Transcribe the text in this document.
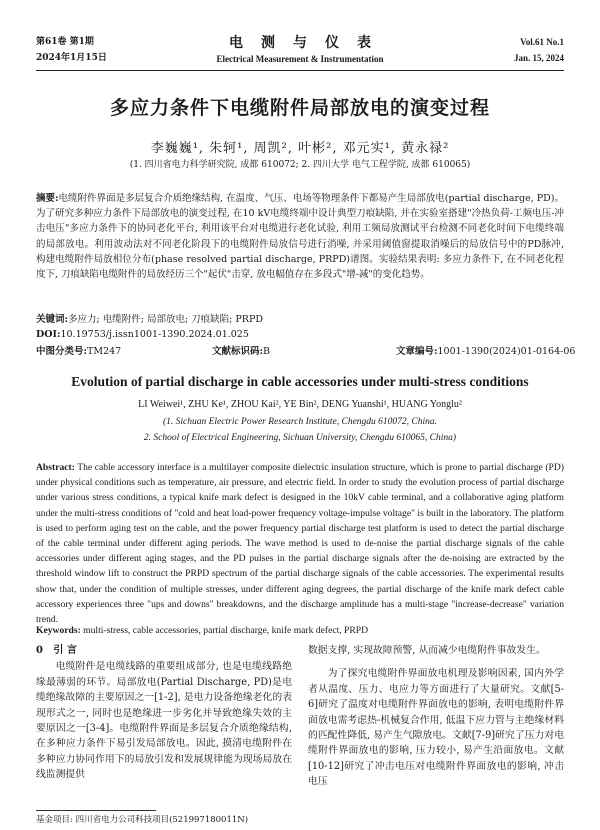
第61卷 第1期
2024年1月15日
电测与仪表
Electrical Measurement & Instrumentation
Vol.61 No.1
Jan. 15, 2024
多应力条件下电缆附件局部放电的演变过程
李巍巍¹, 朱轲¹, 周凯², 叶彬², 邓元实¹, 黄永禄²
(1. 四川省电力科学研究院, 成都 610072; 2. 四川大学 电气工程学院, 成都 610065)
摘要:电缆附件界面是多层复合介质绝缘结构, 在温度、气压、电场等物理条件下都易产生局部放电(partial discharge, PD)。为了研究多种应力条件下局部放电的演变过程, 在10 kV电缆终端中设计典型刀痕缺陷, 并在实验室搭建"冷热负荷-工频电压-冲击电压"多应力条件下的协同老化平台, 利用该平台对电缆进行老化试验, 利用工频局放测试平台检测不同老化时间下电缆终端的局部放电。利用波动法对不同老化阶段下的电缆附件局放信号进行消噪, 并采用阈值窗提取消噪后的局放信号中的PD脉冲, 构建电缆附件局放相位分布(phase resolved partial discharge, PRPD)谱图。实验结果表明: 多应力条件下, 在不同老化程度下, 刀痕缺陷电缆附件的局放经历三个"起伏"击穿, 放电幅值存在多段式"增-减"的变化趋势。
关键词:多应力; 电缆附件; 局部放电; 刀痕缺陷; PRPD
DOI:10.19753/j.issn1001-1390.2024.01.025
中图分类号:TM247	文献标识码:B	文章编号:1001-1390(2024)01-0164-06
Evolution of partial discharge in cable accessories under multi-stress conditions
LI Weiwei¹, ZHU Ke¹, ZHOU Kai², YE Bin², DENG Yuanshi¹, HUANG Yonglu²
(1. Sichuan Electric Power Research Institute, Chengdu 610072, China.
2. School of Electrical Engineering, Sichuan University, Chengdu 610065, China)
Abstract: The cable accessory interface is a multilayer composite dielectric insulation structure, which is prone to partial discharge (PD) under physical conditions such as temperature, air pressure, and electric field. In order to study the evolution process of partial discharge under various stress conditions, a typical knife mark defect is designed in the 10kV cable terminal, and a collaborative aging platform under the multi-stress conditions of "cold and heat load-power frequency voltage-impulse voltage" is built in the laboratory. The platform is used to perform aging test on the cable, and the power frequency partial discharge test platform is used to detect the partial discharge of the cable terminal under different aging periods. The wave method is used to de-noise the partial discharge signals of the cable accessories under different aging stages, and the PD pulses in the partial discharge signals after the de-noising are extracted by the threshold window lift to construct the PRPD spectrum of the partial discharge signals of the cable accessories. The experimental results show that, under the condition of multiple stresses, under different aging degrees, the partial discharge of the knife mark defect cable accessory experiences three "ups and downs" breakdowns, and the discharge amplitude has a multi-stage "increase-decrease" variation trend.
Keywords: multi-stress, cable accessories, partial discharge, knife mark defect, PRPD
0 引 言

电缆附件是电缆线路的重要组成部分, 也是电缆线路绝缘最薄弱的环节。局部放电(Partial Discharge, PD)是电缆绝缘故障的主要原因之一[1-2], 是电力设备绝缘老化的表现形式之一, 同时也是绝缘进一步劣化并导致绝缘失效的主要原因之一[3-4]。电缆附件界面是多层复合介质绝缘结构, 在多种应力条件下易引发局部放电。因此, 摸清电缆附件在多种应力协同作用下的局放引发和发展规律能为现场局放在线监测提供

数据支撑, 实现故障预警, 从而减少电缆附件事故发生。

为了探究电缆附件界面放电机理及影响因素, 国内外学者从温度、压力、电应力等方面进行了大量研究。文献[5-6]研究了温度对电缆附件界面放电的影响, 表明电缆附件界面放电需考虑热-机械复合作用, 低温下应力管与主绝缘材料的匹配性降低, 易产生气隙放电。文献[7-9]研究了压力对电缆附件界面放电的影响, 压力较小, 易产生沿面放电。文献[10-12]研究了冲击电压对电缆附件界面放电的影响, 冲击电压

基金项目: 四川省电力公司科技项目(521997180011N)
